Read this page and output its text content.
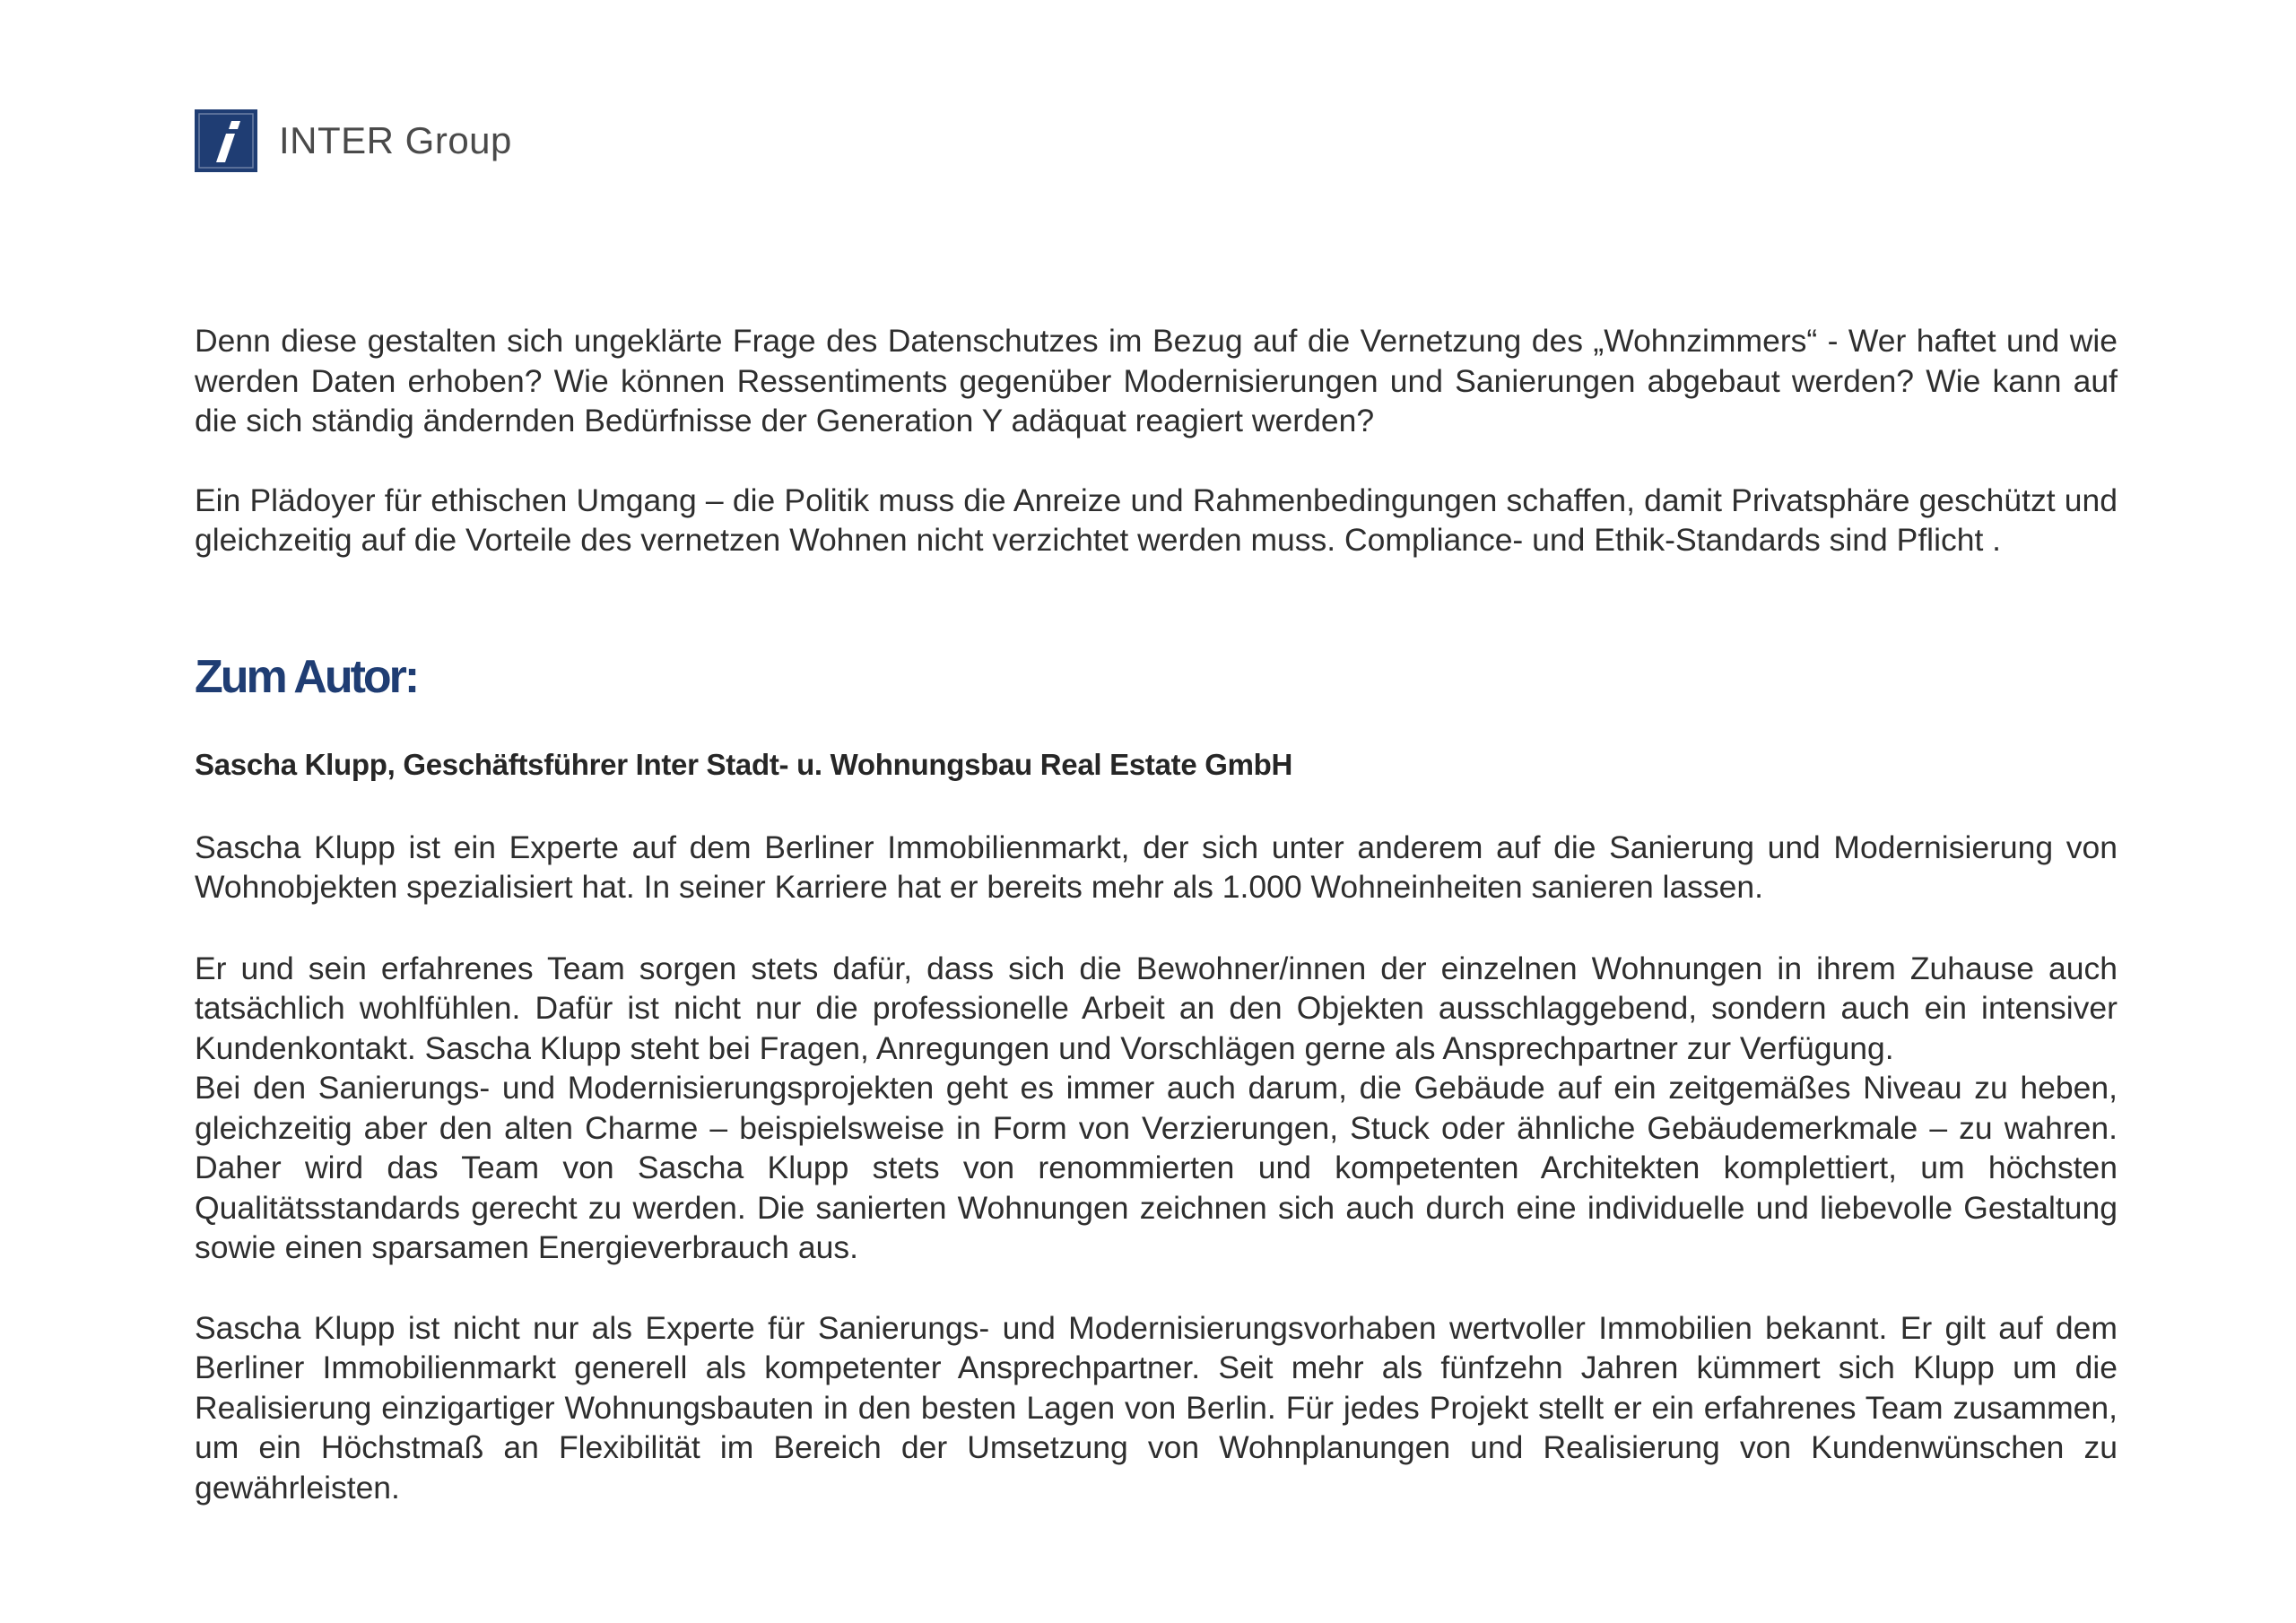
INTER Group

Denn diese gestalten sich ungeklärte Frage des Datenschutzes im Bezug auf die Vernetzung des „Wohnzimmers“ - Wer haftet und wie werden Daten erhoben? Wie können Ressentiments gegenüber Modernisierungen und Sanierungen abgebaut werden? Wie kann auf die sich ständig ändernden Bedürfnisse der Generation Y adäquat reagiert werden?

Ein Plädoyer für ethischen Umgang – die Politik muss die Anreize und Rahmenbedingungen schaffen, damit Privatsphäre geschützt und gleichzeitig auf die Vorteile des vernetzen Wohnen nicht verzichtet werden muss. Compliance- und Ethik-Standards sind Pflicht .

Zum Autor:
Sascha Klupp, Geschäftsführer Inter Stadt- u. Wohnungsbau Real Estate GmbH

Sascha Klupp ist ein Experte auf dem Berliner Immobilienmarkt, der sich unter anderem auf die Sanierung und Modernisierung von Wohnobjekten spezialisiert hat. In seiner Karriere hat er bereits mehr als 1.000 Wohneinheiten sanieren lassen.

Er und sein erfahrenes Team sorgen stets dafür, dass sich die Bewohner/innen der einzelnen Wohnungen in ihrem Zuhause auch tatsächlich wohlfühlen. Dafür ist nicht nur die professionelle Arbeit an den Objekten ausschlaggebend, sondern auch ein intensiver Kundenkontakt. Sascha Klupp steht bei Fragen, Anregungen und Vorschlägen gerne als Ansprechpartner zur Verfügung.

Bei den Sanierungs- und Modernisierungsprojekten geht es immer auch darum, die Gebäude auf ein zeitgemäßes Niveau zu heben, gleichzeitig aber den alten Charme – beispielsweise in Form von Verzierungen, Stuck oder ähnliche Gebäudemerkmale – zu wahren. Daher wird das Team von Sascha Klupp stets von renommierten und kompetenten Architekten komplettiert, um höchsten Qualitätsstandards gerecht zu werden. Die sanierten Wohnungen zeichnen sich auch durch eine individuelle und liebevolle Gestaltung sowie einen sparsamen Energieverbrauch aus.

Sascha Klupp ist nicht nur als Experte für Sanierungs- und Modernisierungsvorhaben wertvoller Immobilien bekannt. Er gilt auf dem Berliner Immobilienmarkt generell als kompetenter Ansprechpartner. Seit mehr als fünfzehn Jahren kümmert sich Klupp um die Realisierung einzigartiger Wohnungsbauten in den besten Lagen von Berlin. Für jedes Projekt stellt er ein erfahrenes Team zusammen, um ein Höchstmaß an Flexibilität im Bereich der Umsetzung von Wohnplanungen und Realisierung von Kundenwünschen zu gewährleisten.
